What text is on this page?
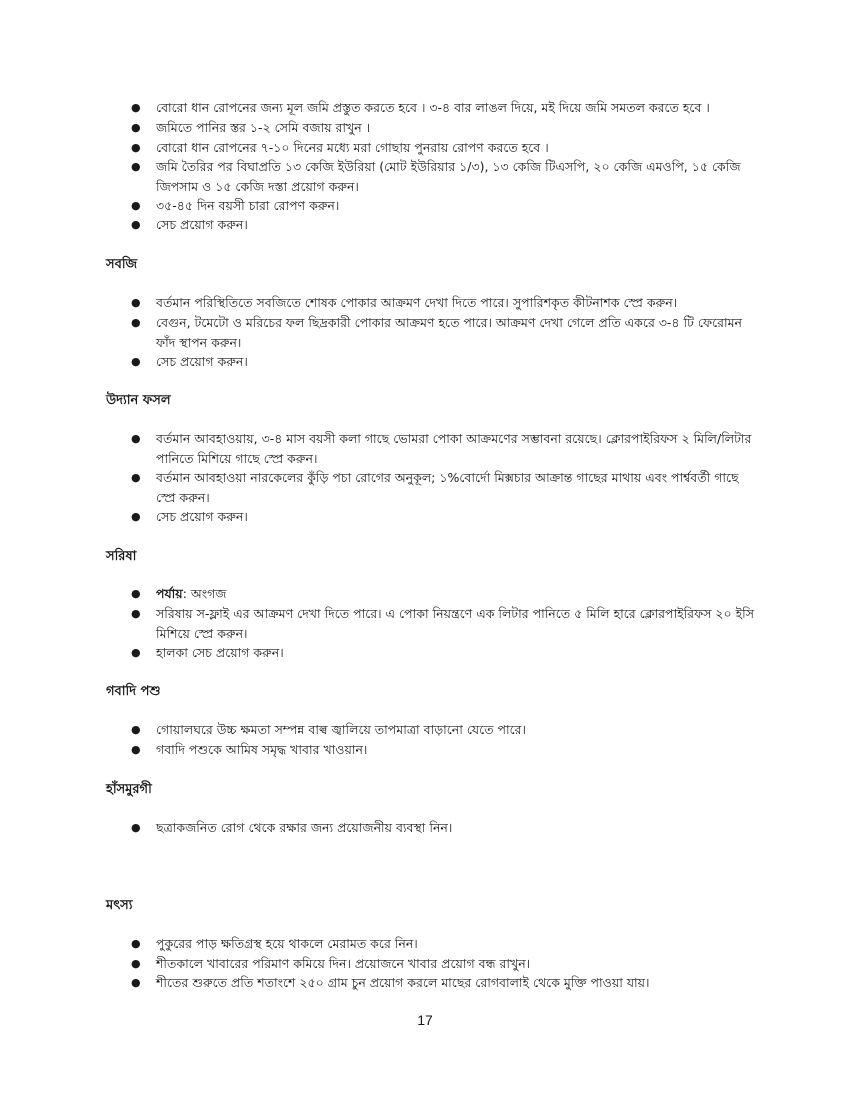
● বোরো ধান রোপনের জন্য মূল জমি প্রস্তুত করতে হবে । ৩-৪ বার লাঙল দিয়ে, মই দিয়ে জমি সমতল করতে হবে ।
● জমিতে পানির স্তর ১-২ সেমি বজায় রাখুন ।
● বোরো ধান রোপনের ৭-১০ দিনের মধ্যে মরা গোছায় পুনরায় রোপণ করতে হবে ।
● জমি তৈরির পর বিঘাপ্রতি ১৩ কেজি ইউরিয়া (মোট ইউরিয়ার ১/৩), ১৩ কেজি টিএসপি, ২০ কেজি এমওপি, ১৫ কেজি জিপসাম ও ১৫ কেজি দস্তা প্রয়োগ করুন।
● ৩৫-৪৫ দিন বয়সী চারা রোপণ করুন।
● সেচ প্রয়োগ করুন।
সবজি
● বর্তমান পরিস্থিতিতে সবজিতে শোষক পোকার আক্রমণ দেখা দিতে পারে। সুপারিশকৃত কীটনাশক স্প্রে করুন।
● বেগুন, টমেটো ও মরিচের ফল ছিদ্রকারী পোকার আক্রমণ হতে পারে। আক্রমণ দেখা গেলে প্রতি একরে ৩-৪ টি ফেরোমন ফাঁদ স্থাপন করুন।
● সেচ প্রয়োগ করুন।
উদ্যান ফসল
● বর্তমান আবহাওয়ায়, ৩-৪ মাস বয়সী কলা গাছে ভোমরা পোকা আক্রমণের সম্ভাবনা রয়েছে। ক্লোরপাইরিফস ২ মিলি/লিটার পানিতে মিশিয়ে গাছে স্প্রে করুন।
● বর্তমান আবহাওয়া নারকেলের কুঁড়ি পচা রোগের অনুকূল; ১%বোর্দো মিক্সচার আক্রান্ত গাছের মাথায় এবং পার্শ্ববর্তী গাছে স্প্রে করুন।
● সেচ প্রয়োগ করুন।
সরিষা
● পর্যায়: অংগজ
● সরিষায় স-ফ্লাই এর আক্রমণ দেখা দিতে পারে। এ পোকা নিয়ন্ত্রণে এক লিটার পানিতে ৫ মিলি হারে ক্লোরপাইরিফস ২০ ইসি মিশিয়ে স্প্রে করুন।
● হালকা সেচ প্রয়োগ করুন।
গবাদি পশু
● গোয়ালঘরে উচ্চ ক্ষমতা সম্পন্ন বাল্ব জ্বালিয়ে তাপমাত্রা বাড়ানো যেতে পারে।
● গবাদি পশুকে আমিষ সমৃদ্ধ খাবার খাওয়ান।
হাঁসমুরগী
● ছত্রাকজনিত রোগ থেকে রক্ষার জন্য প্রয়োজনীয় ব্যবস্থা নিন।
মৎস্য
● পুকুরের পাড় ক্ষতিগ্রস্থ হয়ে থাকলে মেরামত করে নিন।
● শীতকালে খাবারের পরিমাণ কমিয়ে দিন। প্রয়োজনে খাবার প্রয়োগ বন্ধ রাখুন।
● শীতের শুরুতে প্রতি শতাংশে ২৫০ গ্রাম চুন প্রয়োগ করলে মাছের রোগবালাই থেকে মুক্তি পাওয়া যায়।
17
